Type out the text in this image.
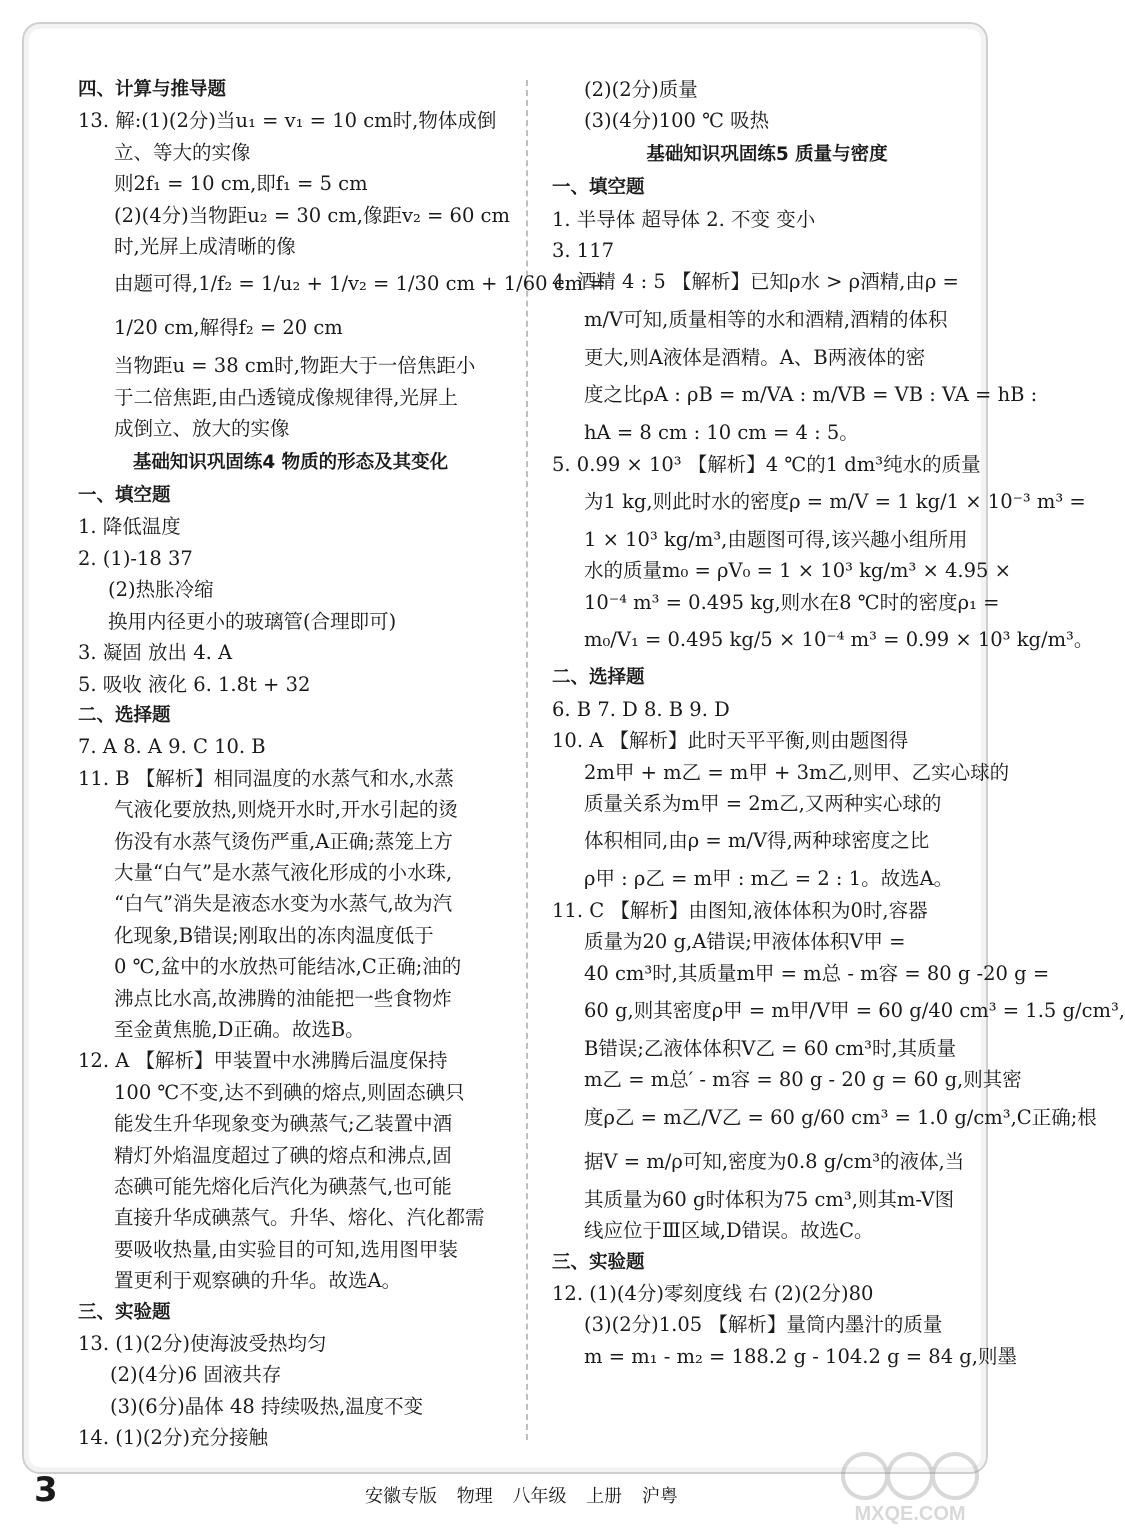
四、计算与推导题
13. 解:(1)(2分)当u₁ = v₁ = 10 cm时,物体成倒
立、等大的实像
则2f₁ = 10 cm,即f₁ = 5 cm
(2)(4分)当物距u₂ = 30 cm,像距v₂ = 60 cm
时,光屏上成清晰的像
由题可得,1/f₂ = 1/u₂ + 1/v₂ = 1/30 cm + 1/60 cm =
1/20 cm,解得f₂ = 20 cm
当物距u = 38 cm时,物距大于一倍焦距小
于二倍焦距,由凸透镜成像规律得,光屏上
成倒立、放大的实像
基础知识巩固练4 物质的形态及其变化
一、填空题
1. 降低温度
2. (1)-18 37
(2)热胀冷缩
换用内径更小的玻璃管(合理即可)
3. 凝固 放出 4. A
5. 吸收 液化 6. 1.8t + 32
二、选择题
7. A 8. A 9. C 10. B
11. B 【解析】相同温度的水蒸气和水,水蒸
气液化要放热,则烧开水时,开水引起的烫
伤没有水蒸气烫伤严重,A正确;蒸笼上方
大量“白气”是水蒸气液化形成的小水珠,
“白气”消失是液态水变为水蒸气,故为汽
化现象,B错误;刚取出的冻肉温度低于
0 ℃,盆中的水放热可能结冰,C正确;油的
沸点比水高,故沸腾的油能把一些食物炸
至金黄焦脆,D正确。故选B。
12. A 【解析】甲装置中水沸腾后温度保持
100 ℃不变,达不到碘的熔点,则固态碘只
能发生升华现象变为碘蒸气;乙装置中酒
精灯外焰温度超过了碘的熔点和沸点,固
态碘可能先熔化后汽化为碘蒸气,也可能
直接升华成碘蒸气。升华、熔化、汽化都需
要吸收热量,由实验目的可知,选用图甲装
置更利于观察碘的升华。故选A。
三、实验题
13. (1)(2分)使海波受热均匀
(2)(4分)6 固液共存
(3)(6分)晶体 48 持续吸热,温度不变
14. (1)(2分)充分接触
(2)(2分)质量
(3)(4分)100 ℃ 吸热
基础知识巩固练5 质量与密度
一、填空题
1. 半导体 超导体 2. 不变 变小
3. 117
4. 酒精 4 : 5 【解析】已知ρ水 > ρ酒精,由ρ =
m/V可知,质量相等的水和酒精,酒精的体积
更大,则A液体是酒精。A、B两液体的密
度之比ρA : ρB = m/VA : m/VB = VB : VA = hB :
hA = 8 cm : 10 cm = 4 : 5。
5. 0.99 × 10³ 【解析】4 ℃的1 dm³纯水的质量
为1 kg,则此时水的密度ρ = m/V = 1 kg/1 × 10⁻³ m³ =
1 × 10³ kg/m³,由题图可得,该兴趣小组所用
水的质量m₀ = ρV₀ = 1 × 10³ kg/m³ × 4.95 ×
10⁻⁴ m³ = 0.495 kg,则水在8 ℃时的密度ρ₁ =
m₀/V₁ = 0.495 kg/5 × 10⁻⁴ m³ = 0.99 × 10³ kg/m³。
二、选择题
6. B 7. D 8. B 9. D
10. A 【解析】此时天平平衡,则由题图得
2m甲 + m乙 = m甲 + 3m乙,则甲、乙实心球的
质量关系为m甲 = 2m乙,又两种实心球的
体积相同,由ρ = m/V得,两种球密度之比
ρ甲 : ρ乙 = m甲 : m乙 = 2 : 1。故选A。
11. C 【解析】由图知,液体体积为0时,容器
质量为20 g,A错误;甲液体体积V甲 =
40 cm³时,其质量m甲 = m总 - m容 = 80 g -20 g =
60 g,则其密度ρ甲 = m甲/V甲 = 60 g/40 cm³ = 1.5 g/cm³,
B错误;乙液体体积V乙 = 60 cm³时,其质量
m乙 = m总′ - m容 = 80 g - 20 g = 60 g,则其密
度ρ乙 = m乙/V乙 = 60 g/60 cm³ = 1.0 g/cm³,C正确;根
据V = m/ρ可知,密度为0.8 g/cm³的液体,当
其质量为60 g时体积为75 cm³,则其m-V图
线应位于Ⅲ区域,D错误。故选C。
三、实验题
12. (1)(4分)零刻度线 右 (2)(2分)80
(3)(2分)1.05 【解析】量筒内墨汁的质量
m = m₁ - m₂ = 188.2 g - 104.2 g = 84 g,则墨
3	安徽专版 物理 八年级 上册 沪粤
MXQE.COM
